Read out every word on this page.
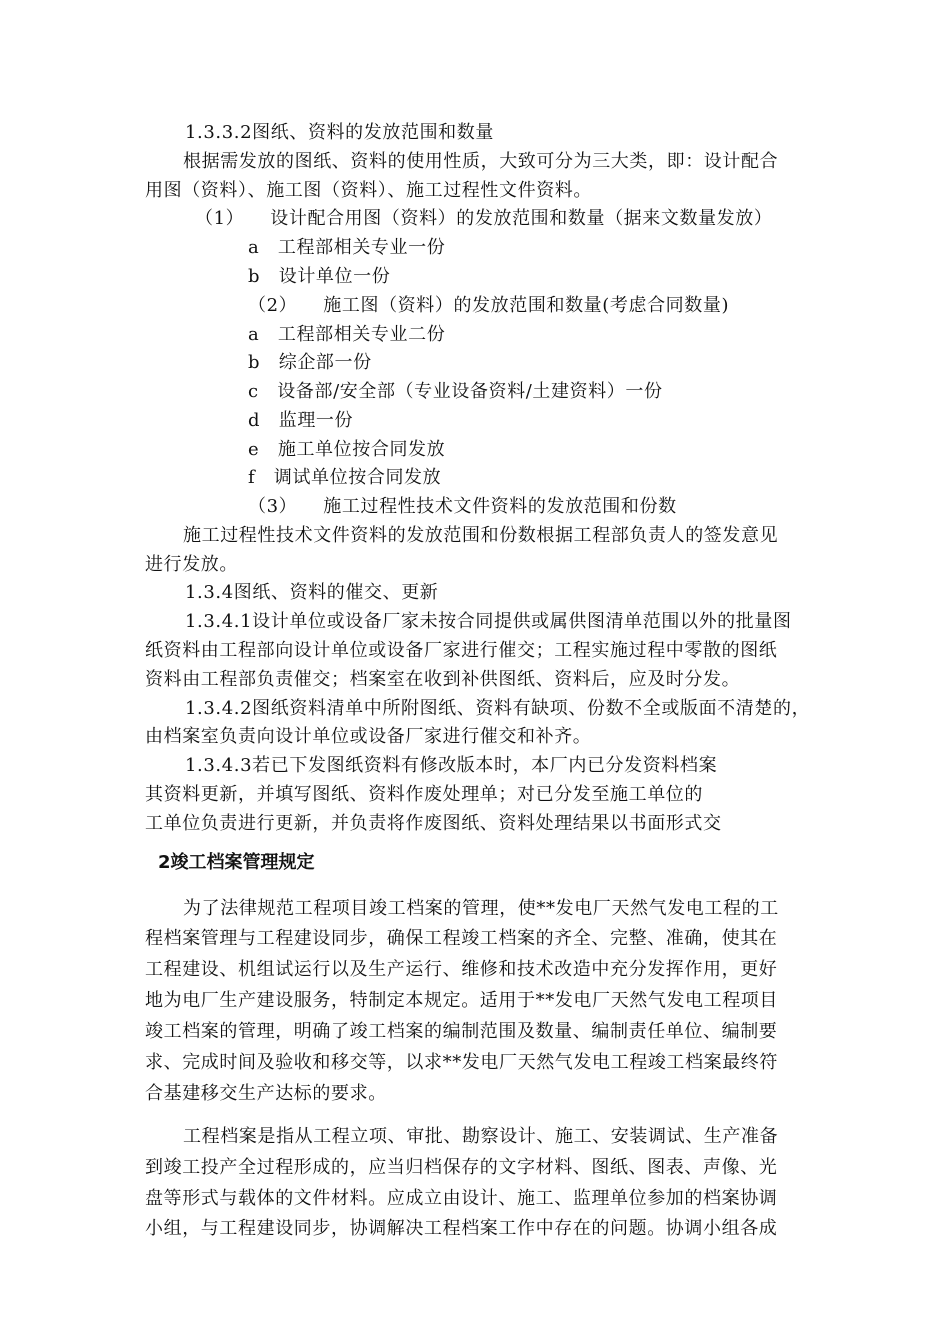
1.3.3.2图纸、资料的发放范围和数量
根据需发放的图纸、资料的使用性质，大致可分为三大类，即：设计配合
用图（资料）、施工图（资料）、施工过程性文件资料。
（1） 设计配合用图（资料）的发放范围和数量（据来文数量发放）
a　工程部相关专业一份
b　设计单位一份
（2） 施工图（资料）的发放范围和数量(考虑合同数量)
a　工程部相关专业二份
b　综企部一份
c　设备部/安全部（专业设备资料/土建资料）一份
d　监理一份
e　施工单位按合同发放
f　调试单位按合同发放
（3） 施工过程性技术文件资料的发放范围和份数
施工过程性技术文件资料的发放范围和份数根据工程部负责人的签发意见
进行发放。
1.3.4图纸、资料的催交、更新
1.3.4.1设计单位或设备厂家未按合同提供或属供图清单范围以外的批量图
纸资料由工程部向设计单位或设备厂家进行催交；工程实施过程中零散的图纸
资料由工程部负责催交；档案室在收到补供图纸、资料后，应及时分发。
1.3.4.2图纸资料清单中所附图纸、资料有缺项、份数不全或版面不清楚的，
由档案室负责向设计单位或设备厂家进行催交和补齐。
1.3.4.3若已下发图纸资料有修改版本时，本厂内已分发资料档案
其资料更新，并填写图纸、资料作废处理单；对已分发至施工单位的
工单位负责进行更新，并负责将作废图纸、资料处理结果以书面形式交
2竣工档案管理规定
为了法律规范工程项目竣工档案的管理，使**发电厂天然气发电工程的工
程档案管理与工程建设同步，确保工程竣工档案的齐全、完整、准确，使其在
工程建设、机组试运行以及生产运行、维修和技术改造中充分发挥作用，更好
地为电厂生产建设服务，特制定本规定。适用于**发电厂天然气发电工程项目
竣工档案的管理，明确了竣工档案的编制范围及数量、编制责任单位、编制要
求、完成时间及验收和移交等，以求**发电厂天然气发电工程竣工档案最终符
合基建移交生产达标的要求。
工程档案是指从工程立项、审批、勘察设计、施工、安装调试、生产准备
到竣工投产全过程形成的，应当归档保存的文字材料、图纸、图表、声像、光
盘等形式与载体的文件材料。应成立由设计、施工、监理单位参加的档案协调
小组，与工程建设同步，协调解决工程档案工作中存在的问题。协调小组各成
